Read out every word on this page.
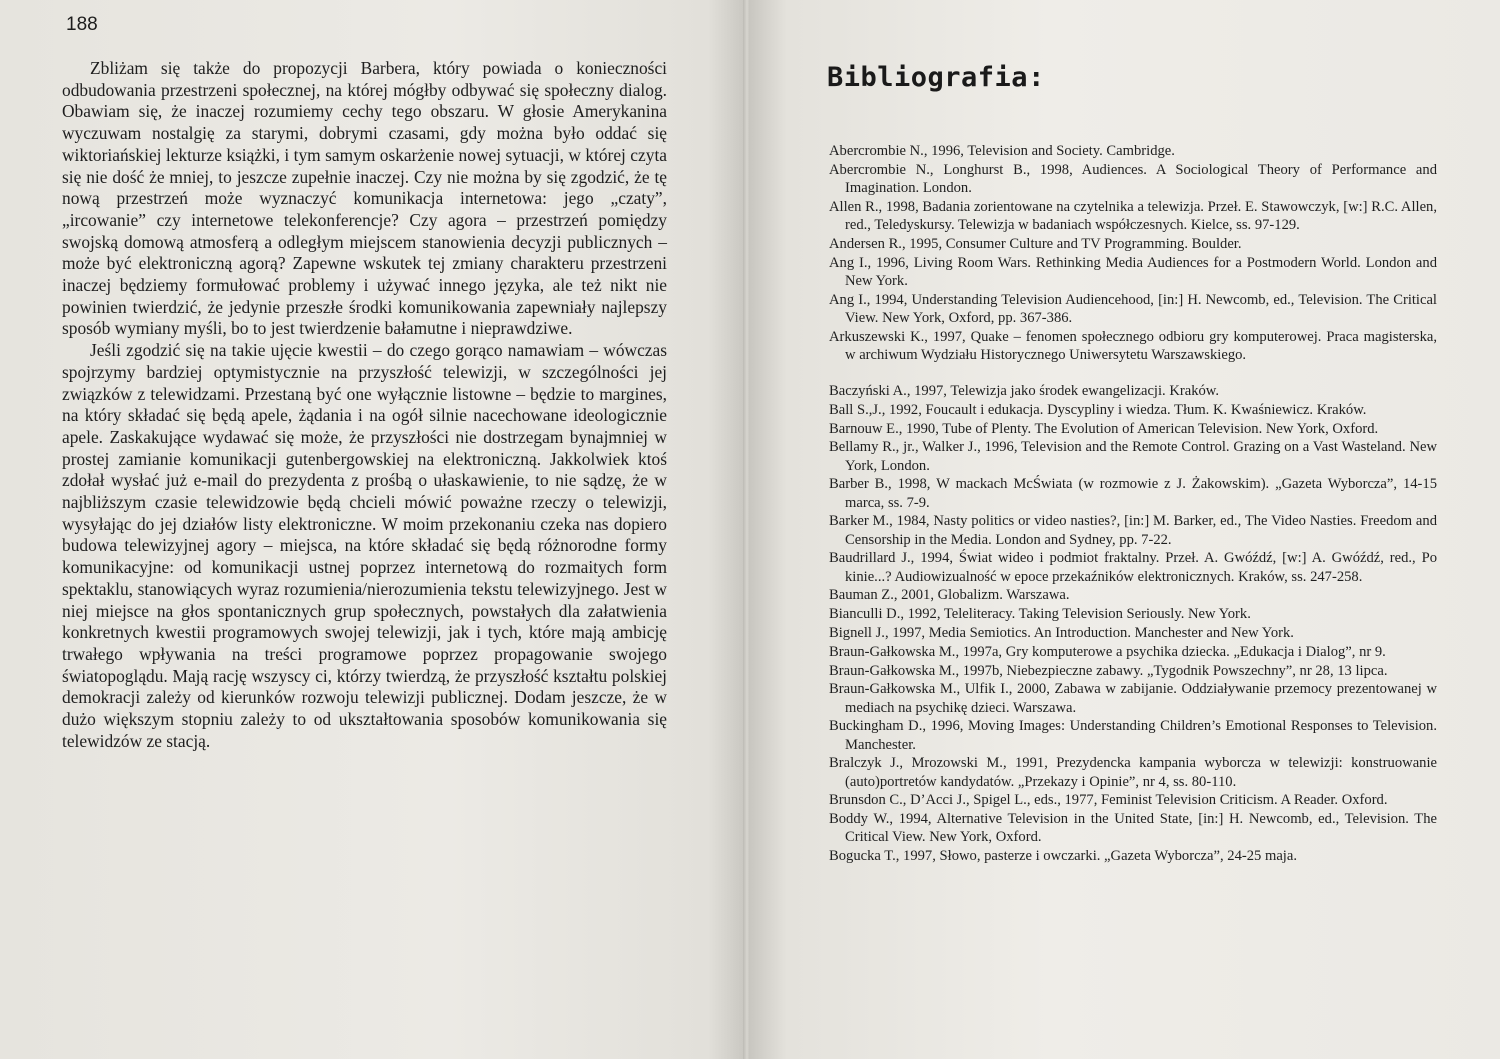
188

Zbliżam się także do propozycji Barbera, który powiada o konieczności odbudowania przestrzeni społecznej, na której mógłby odbywać się społeczny dialog. Obawiam się, że inaczej rozumiemy cechy tego obszaru. W głosie Amerykanina wyczuwam nostalgię za starymi, dobrymi czasami, gdy można było oddać się wiktoriańskiej lekturze książki, i tym samym oskarżenie nowej sytuacji, w której czyta się nie dość że mniej, to jeszcze zupełnie inaczej. Czy nie można by się zgodzić, że tę nową przestrzeń może wyznaczyć komunikacja internetowa: jego „czaty”, „ircowanie” czy internetowe telekonferencje? Czy agora – przestrzeń pomiędzy swojską domową atmosferą a odległym miejscem stanowienia decyzji publicznych – może być elektroniczną agorą? Zapewne wskutek tej zmiany charakteru przestrzeni inaczej będziemy formułować problemy i używać innego języka, ale też nikt nie powinien twierdzić, że jedynie przeszłe środki komunikowania zapewniały najlepszy sposób wymiany myśli, bo to jest twierdzenie bałamutne i nieprawdziwe.

Jeśli zgodzić się na takie ujęcie kwestii – do czego gorąco namawiam – wówczas spojrzymy bardziej optymistycznie na przyszłość telewizji, w szczególności jej związków z telewidzami. Przestaną być one wyłącznie listowne – będzie to margines, na który składać się będą apele, żądania i na ogół silnie nacechowane ideologicznie apele. Zaskakujące wydawać się może, że przyszłości nie dostrzegam bynajmniej w prostej zamianie komunikacji gutenbergowskiej na elektroniczną. Jakkolwiek ktoś zdołał wysłać już e-mail do prezydenta z prośbą o ułaskawienie, to nie sądzę, że w najbliższym czasie telewidzowie będą chcieli mówić poważne rzeczy o telewizji, wysyłając do jej działów listy elektroniczne. W moim przekonaniu czeka nas dopiero budowa telewizyjnej agory – miejsca, na które składać się będą różnorodne formy komunikacyjne: od komunikacji ustnej poprzez internetową do rozmaitych form spektaklu, stanowiących wyraz rozumienia/nierozumienia tekstu telewizyjnego. Jest w niej miejsce na głos spontanicznych grup społecznych, powstałych dla załatwienia konkretnych kwestii programowych swojej telewizji, jak i tych, które mają ambicję trwałego wpływania na treści programowe poprzez propagowanie swojego światopoglądu. Mają rację wszyscy ci, którzy twierdzą, że przyszłość kształtu polskiej demokracji zależy od kierunków rozwoju telewizji publicznej. Dodam jeszcze, że w dużo większym stopniu zależy to od ukształtowania sposobów komunikowania się telewidzów ze stacją.

Bibliografia:
Abercrombie N., 1996, Television and Society. Cambridge.
Abercrombie N., Longhurst B., 1998, Audiences. A Sociological Theory of Performance and Imagination. London.
Allen R., 1998, Badania zorientowane na czytelnika a telewizja. Przeł. E. Stawowczyk, [w:] R.C. Allen, red., Teledyskursy. Telewizja w badaniach współczesnych. Kielce, ss. 97-129.
Andersen R., 1995, Consumer Culture and TV Programming. Boulder.
Ang I., 1996, Living Room Wars. Rethinking Media Audiences for a Postmodern World. London and New York.
Ang I., 1994, Understanding Television Audiencehood, [in:] H. Newcomb, ed., Television. The Critical View. New York, Oxford, pp. 367-386.
Arkuszewski K., 1997, Quake – fenomen społecznego odbioru gry komputerowej. Praca magisterska, w archiwum Wydziału Historycznego Uniwersytetu Warszawskiego.
Baczyński A., 1997, Telewizja jako środek ewangelizacji. Kraków.
Ball S.,J., 1992, Foucault i edukacja. Dyscypliny i wiedza. Tłum. K. Kwaśniewicz. Kraków.
Barnouw E., 1990, Tube of Plenty. The Evolution of American Television. New York, Oxford.
Bellamy R., jr., Walker J., 1996, Television and the Remote Control. Grazing on a Vast Wasteland. New York, London.
Barber B., 1998, W mackach McŚwiata (w rozmowie z J. Żakowskim). „Gazeta Wyborcza”, 14-15 marca, ss. 7-9.
Barker M., 1984, Nasty politics or video nasties?, [in:] M. Barker, ed., The Video Nasties. Freedom and Censorship in the Media. London and Sydney, pp. 7-22.
Baudrillard J., 1994, Świat wideo i podmiot fraktalny. Przeł. A. Gwóźdź, [w:] A. Gwóźdź, red., Po kinie...? Audiowizualność w epoce przekaźników elektronicznych. Kraków, ss. 247-258.
Bauman Z., 2001, Globalizm. Warszawa.
Bianculli D., 1992, Teleliteracy. Taking Television Seriously. New York.
Bignell J., 1997, Media Semiotics. An Introduction. Manchester and New York.
Braun-Gałkowska M., 1997a, Gry komputerowe a psychika dziecka. „Edukacja i Dialog”, nr 9.
Braun-Gałkowska M., 1997b, Niebezpieczne zabawy. „Tygodnik Powszechny”, nr 28, 13 lipca.
Braun-Gałkowska M., Ulfik I., 2000, Zabawa w zabijanie. Oddziaływanie przemocy prezentowanej w mediach na psychikę dzieci. Warszawa.
Buckingham D., 1996, Moving Images: Understanding Children’s Emotional Responses to Television. Manchester.
Bralczyk J., Mrozowski M., 1991, Prezydencka kampania wyborcza w telewizji: konstruowanie (auto)portretów kandydatów. „Przekazy i Opinie”, nr 4, ss. 80-110.
Brunsdon C., D’Acci J., Spigel L., eds., 1977, Feminist Television Criticism. A Reader. Oxford.
Boddy W., 1994, Alternative Television in the United State, [in:] H. Newcomb, ed., Television. The Critical View. New York, Oxford.
Bogucka T., 1997, Słowo, pasterze i owczarki. „Gazeta Wyborcza”, 24-25 maja.
